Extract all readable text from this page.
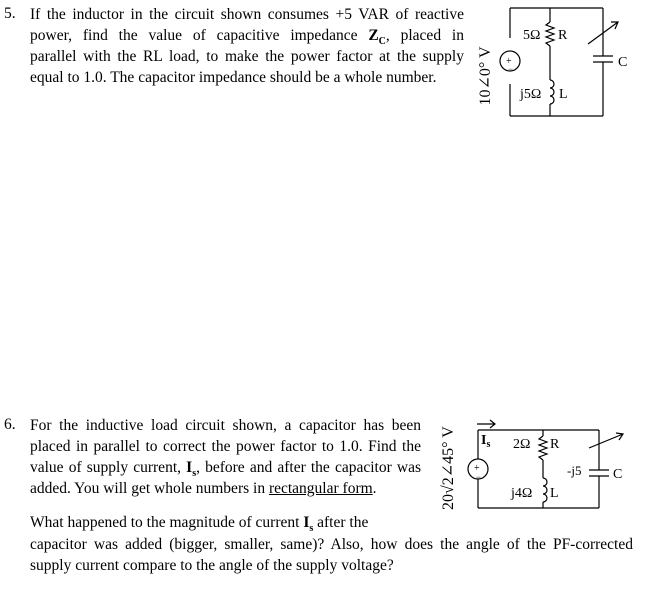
5. If the inductor in the circuit shown consumes +5 VAR of reactive
power, find the value of capacitive impedance $Z_C$, placed in
parallel with the RL load, to make the power factor at the supply
equal to 1.0. The capacitor impedance should be a whole number.	10∠0° V +
−
5Ω R
j5Ω L
C
6. For the inductive load circuit shown, a capacitor has been
placed in parallel to correct the power factor to 1.0. Find the
value of supply current, $I_s$, before and after the capacitor was
added. You will get whole numbers in rectangular form.
What happened to the magnitude of current $I_s$ after the
capacitor was added (bigger, smaller, same)? Also, how does the angle of the PF-corrected
supply current compare to the angle of the supply voltage?
20√2∠45° V +
−
$I_s$ 2Ω R
j4Ω L
-j5 C
